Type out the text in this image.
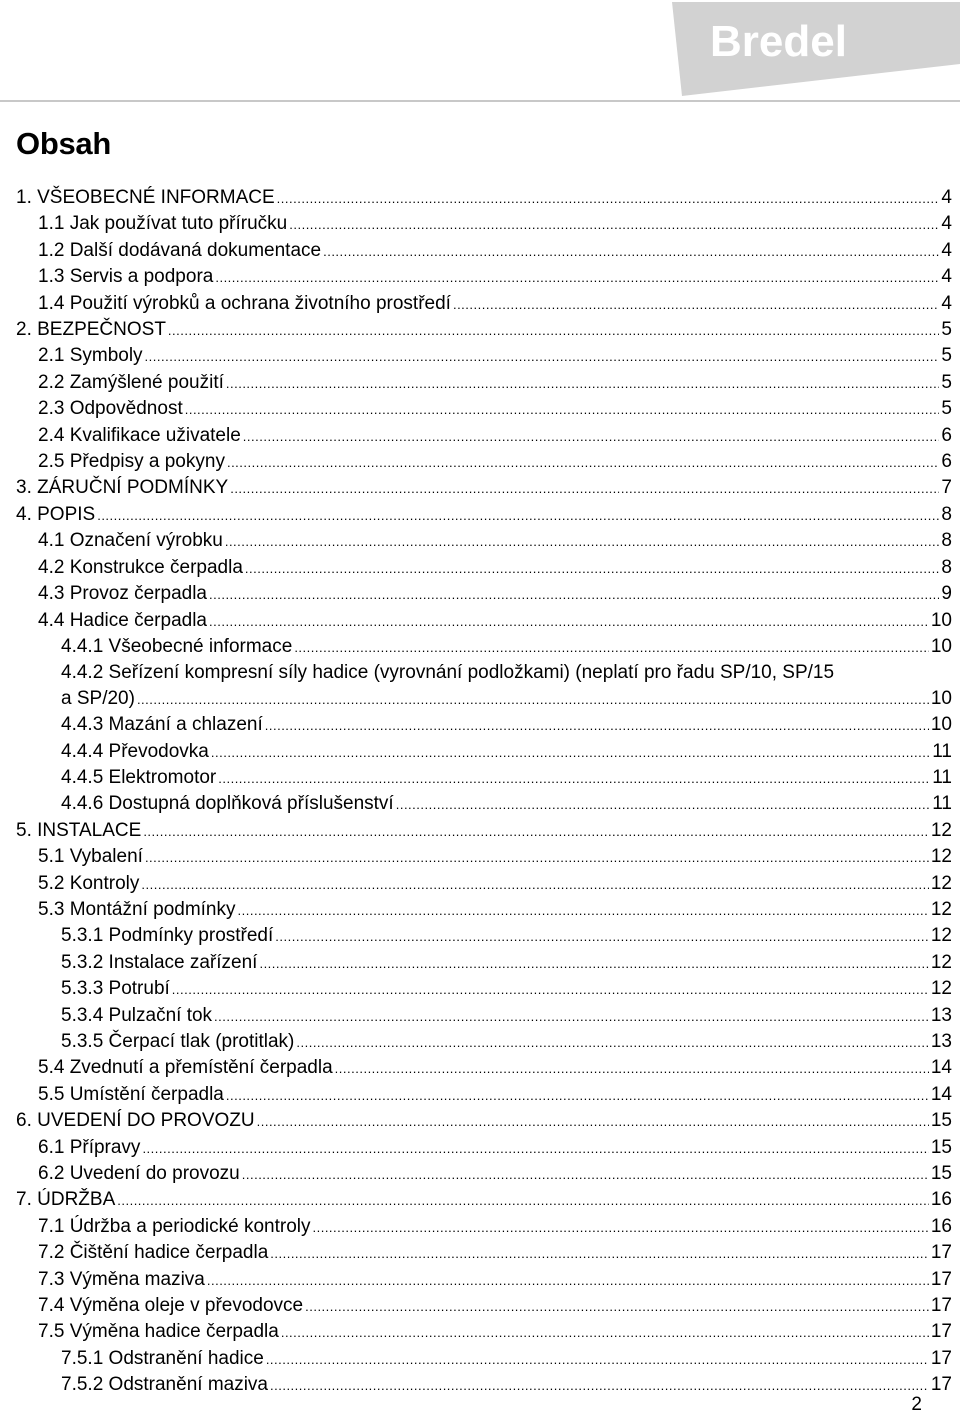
Bredel
Obsah
1. VŠEOBECNÉ INFORMACE .....	4
1.1 Jak používat tuto příručku .....	4
1.2 Další dodávaná dokumentace .....	4
1.3 Servis a podpora .....	4
1.4 Použití výrobků a ochrana životního prostředí .....	4
2. BEZPEČNOST .....	5
2.1 Symboly .....	5
2.2 Zamýšlené použití .....	5
2.3 Odpovědnost .....	5
2.4 Kvalifikace uživatele .....	6
2.5 Předpisy a pokyny .....	6
3. ZÁRUČNÍ PODMÍNKY .....	7
4. POPIS .....	8
4.1 Označení výrobku .....	8
4.2 Konstrukce čerpadla .....	8
4.3 Provoz čerpadla .....	9
4.4 Hadice čerpadla .....	10
4.4.1 Všeobecné informace .....	10
4.4.2 Seřízení kompresní síly hadice (vyrovnání podložkami) (neplatí pro řadu SP/10, SP/15
a SP/20) .....	10
4.4.3 Mazání a chlazení .....	10
4.4.4 Převodovka .....	11
4.4.5 Elektromotor .....	11
4.4.6 Dostupná doplňková příslušenství .....	11
5. INSTALACE .....	12
5.1 Vybalení .....	12
5.2 Kontroly .....	12
5.3 Montážní podmínky .....	12
5.3.1 Podmínky prostředí .....	12
5.3.2 Instalace zařízení .....	12
5.3.3 Potrubí .....	12
5.3.4 Pulzační tok .....	13
5.3.5 Čerpací tlak (protitlak) .....	13
5.4 Zvednutí a přemístění čerpadla .....	14
5.5 Umístění čerpadla .....	14
6. UVEDENÍ DO PROVOZU .....	15
6.1 Přípravy .....	15
6.2 Uvedení do provozu .....	15
7. ÚDRŽBA .....	16
7.1 Údržba a periodické kontroly .....	16
7.2 Čištění hadice čerpadla .....	17
7.3 Výměna maziva .....	17
7.4 Výměna oleje v převodovce .....	17
7.5 Výměna hadice čerpadla .....	17
7.5.1 Odstranění hadice .....	17
7.5.2 Odstranění maziva .....	17
2
